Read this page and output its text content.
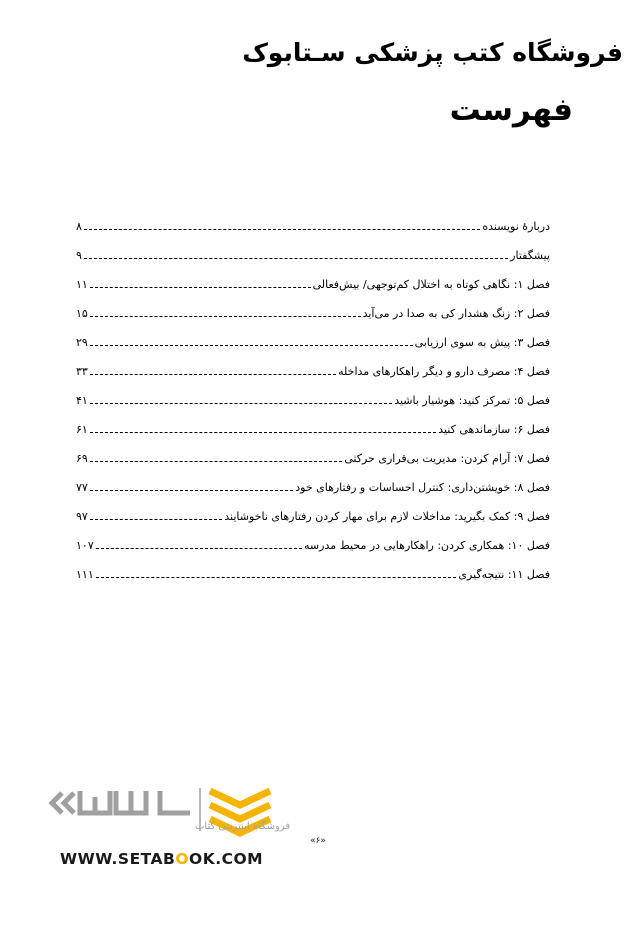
فروشگاه کتب پزشکی سـتابوک
فهرست
دربارۀ نویسنده
۸
پیشگفتار
۹
فصل ۱: نگاهی کوتاه به اختلال کم‌توجهی/ بیش‌فعالی
۱۱
فصل ۲: زنگ هشدار کی به صدا در می‌آید
۱۵
فصل ۳: پیش به سوی ارزیابی
۲۹
فصل ۴: مصرف دارو و دیگر راهکارهای مداخله
۳۳
فصل ۵: تمرکز کنید: هوشیار باشید
۴۱
فصل ۶: سازماندهی کنید
۶۱
فصل ۷: آرام کردن: مدیریت بی‌قراری حرکتی
۶۹
فصل ۸: خویشتن‌داری: کنترل احساسات و رفتارهای خود
۷۷
فصل ۹: کمک بگیرید: مداخلات لازم برای مهار کردن رفتارهای ناخوشایند
۹۷
فصل ۱۰: همکاری کردن: راهکارهایی در محیط مدرسه
۱۰۷
فصل ۱۱: نتیجه‌گیری
۱۱۱
«۶»
فروشگاه اینترنتی کتاب
WWW.SETABOOK.COM
